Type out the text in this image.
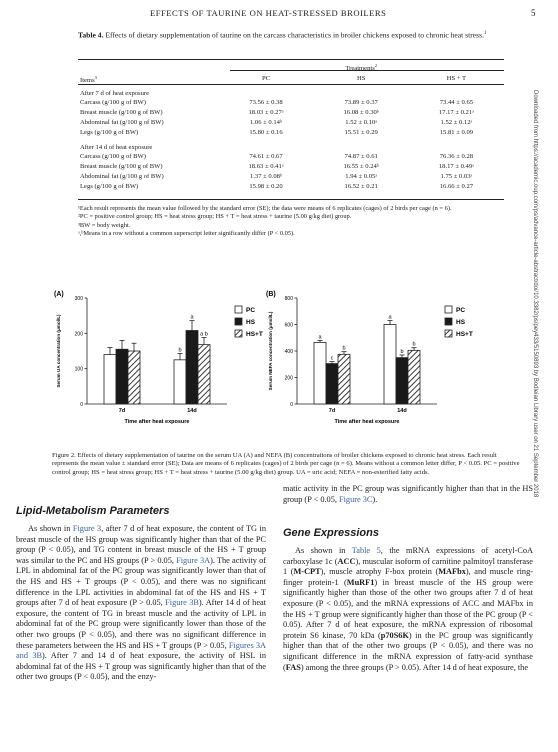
EFFECTS OF TAURINE ON HEAT-STRESSED BROILERS	5
Downloaded from https://academic.oup.com/ps/advance-article-abstract/doi/10.3382/ps/pey433/5150893 by Bodleian Library user on 21 September 2018
Table 4. Effects of dietary supplementation of taurine on the carcass characteristics in broiler chickens exposed to chronic heat stress.$^1$
	Treatments$^2$
Items$^3$	PC	HS	HS + T
After 7 d of heat exposure			
Carcass (g/100 g of BW)	73.56 ± 0.38	73.89 ± 0.37	73.44 ± 0.65
Breast muscle (g/100 g of BW)	18.03 ± 0.27ᵃ	16.08 ± 0.30ᵇ	17.17 ± 0.21ᵃ
Abdominal fat (g/100 g of BW)	1.06 ± 0.14ᵇ	1.52 ± 0.10ᵃ	1.52 ± 0.12ᵃ
Legs (g/100 g of BW)	15.80 ± 0.16	15.51 ± 0.29	15.81 ± 0.09
After 14 d of heat exposure			
Carcass (g/100 g of BW)	74.61 ± 0.67	74.87 ± 0.61	76.36 ± 0.28
Breast muscle (g/100 g of BW)	18.63 ± 0.41ᵃ	16.55 ± 0.24ᵇ	18.17 ± 0.49ᵃ
Abdominal fat (g/100 g of BW)	1.37 ± 0.08ᵇ	1.94 ± 0.05ᵃ	1.75 ± 0.03ᵃ
Legs (g/100 g of BW)	15.98 ± 0.20	16.52 ± 0.21	16.66 ± 0.27

¹Each result represents the mean value followed by the standard error (SE); the data were means of 6 replicates (cages) of 2 birds per cage (n = 6).

²PC = positive control group; HS = heat stress group; HS + T = heat stress + taurine (5.00 g/kg diet) group.

³BW = body weight.

ᵃ,ᵇMeans in a row without a common superscript letter significantly differ (P < 0.05).

(A)
0
100
200
300
Serum UA concentration (μmol/L)
7d
b
a
a b
14d
Time after heat exposure
PC
HS
HS+T
(B)
0
200
400
600
800
Serum NEFA concentration (μmol/L)	a
c
b
7d
a
b
b
14d
Time after heat exposure
PC
HS
HS+T
Figure 2. Effects of dietary supplementation of taurine on the serum UA (A) and NEFA (B) concentrations of broiler chickens exposed to chronic heat stress. Each result represents the mean value ± standard error (SE); Data are means of 6 replicates (cages) of 2 birds per cage (n = 6). Means without a common letter differ, P < 0.05. PC = positive control group; HS = heat stress group; HS + T = heat stress + taurine (5.00 g/kg diet) group. UA = uric acid; NEFA = non-esterified fatty acids.
Lipid-Metabolism Parameters

As shown in Figure 3, after 7 d of heat exposure, the content of TG in breast muscle of the HS group was significantly higher than that of the PC group (P < 0.05), and TG content in breast muscle of the HS + T group was similar to the PC and HS groups (P > 0.05, Figure 3A). The activity of LPL in abdominal fat of the PC group was significantly lower than that of the HS and HS + T groups (P < 0.05), and there was no significant difference in the LPL activities in abdominal fat of the HS and HS + T groups after 7 d of heat exposure (P > 0.05, Figure 3B). After 14 d of heat exposure, the content of TG in breast muscle and the activity of LPL in abdominal fat of the PC group were significantly lower than those of the other two groups (P < 0.05), and there was no significant difference in these parameters between the HS and HS + T groups (P > 0.05, Figures 3A and 3B). After 7 and 14 d of heat exposure, the activity of HSL in abdominal fat of the HS + T group was significantly higher than that of the other two groups (P < 0.05), and the enzy-

matic activity in the PC group was significantly higher than that in the HS group (P < 0.05, Figure 3C).

Gene Expressions

As shown in Table 5, the mRNA expressions of acetyl-CoA carboxylase 1c (ACC), muscular isoform of carnitine palmitoyl transferase 1 (M-CPT), muscle atrophy F-box protein (MAFbx), and muscle ring-finger protein-1 (MuRF1) in breast muscle of the HS group were significantly higher than those of the other two groups after 7 d of heat exposure (P < 0.05), and the mRNA expressions of ACC and MAFbx in the HS + T group were significantly higher than those of the PC group (P < 0.05). After 7 d of heat exposure, the mRNA expression of ribosomal protein S6 kinase, 70 kDa (p70S6K) in the PC group was significantly higher than that of the other two groups (P < 0.05), and there was no significant difference in the mRNA expression of fatty-acid synthase (FAS) among the three groups (P > 0.05). After 14 d of heat exposure, the
